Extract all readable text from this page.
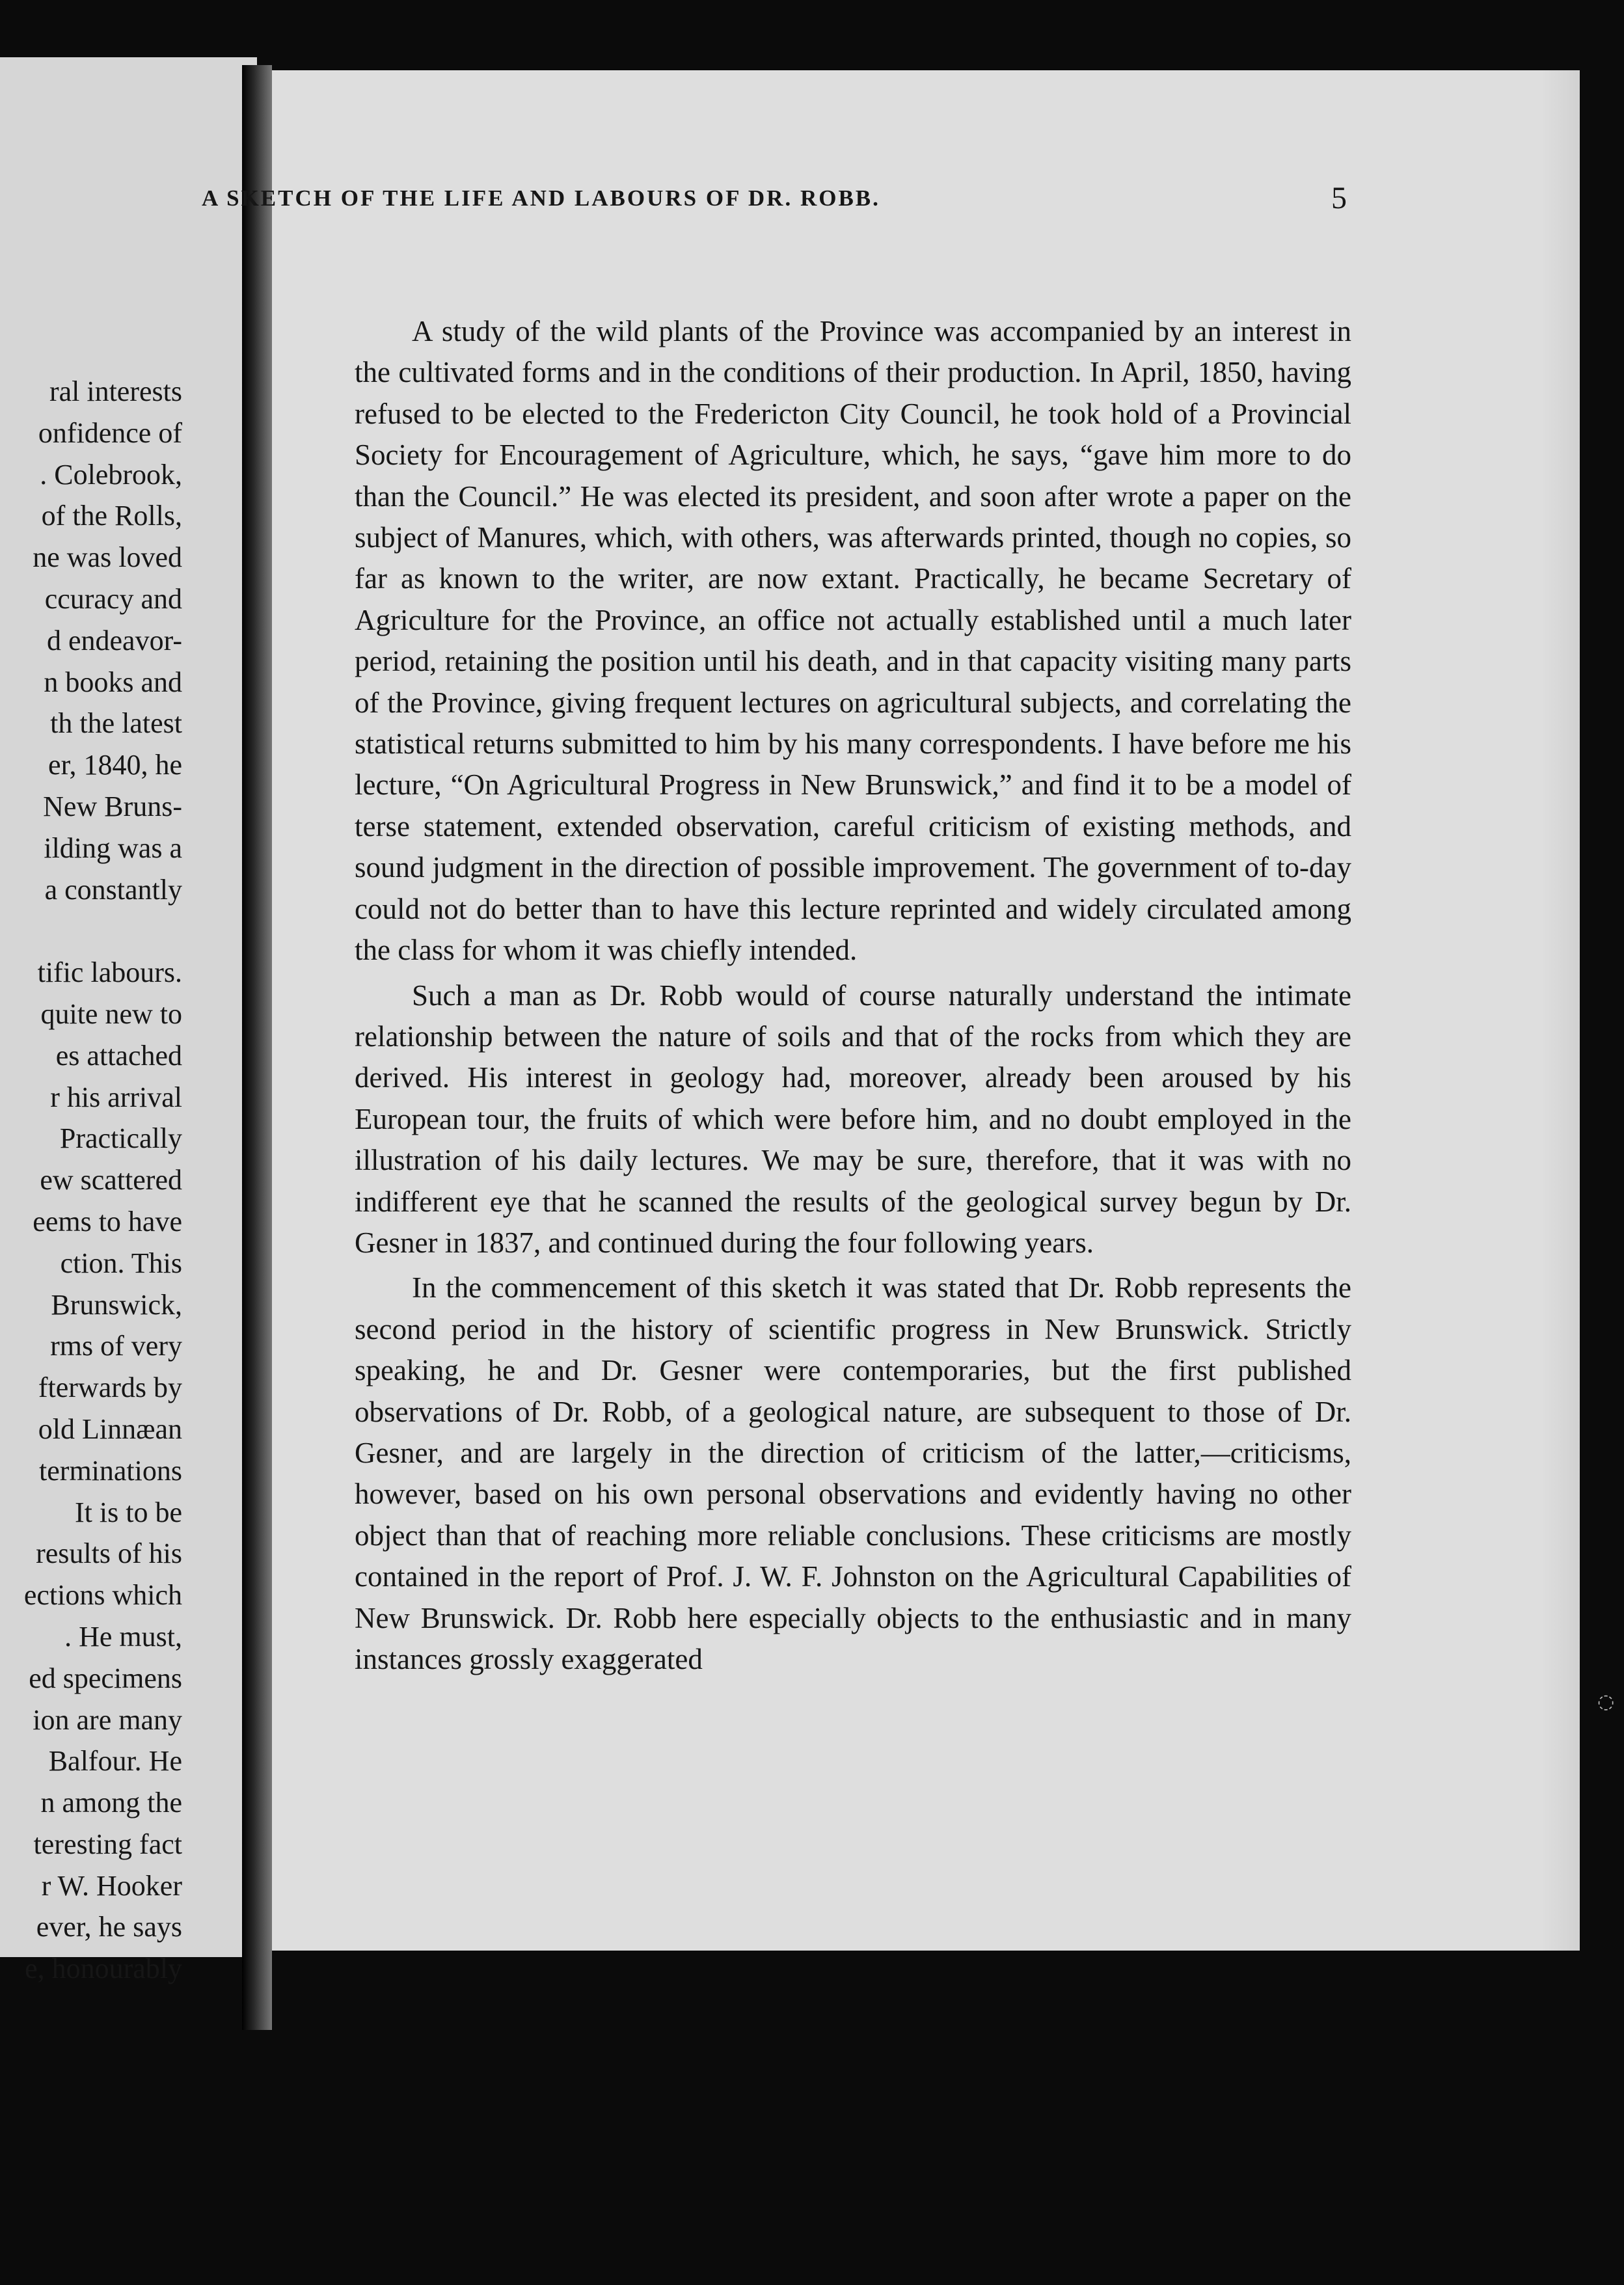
ral interests
onfidence of
. Colebrook,
of the Rolls,
ne was loved
ccuracy and
d endeavor-
n books and
th the latest
er, 1840, he
New Bruns-
ilding was a
a constantly
tific labours.
quite new to
es attached
r his arrival
Practically
ew scattered
eems to have
ction. This
Brunswick,
rms of very
fterwards by
old Linnæan
terminations
It is to be
results of his
ections which
. He must,
ed specimens
ion are many
Balfour. He
n among the
teresting fact
r W. Hooker
ever, he says
e, honourably
A SKETCH OF THE LIFE AND LABOURS OF DR. ROBB.	5

A study of the wild plants of the Province was accompanied by an interest in the cultivated forms and in the conditions of their production. In April, 1850, having refused to be elected to the Fredericton City Council, he took hold of a Provincial Society for Encouragement of Agriculture, which, he says, “gave him more to do than the Council.” He was elected its president, and soon after wrote a paper on the subject of Manures, which, with others, was afterwards printed, though no copies, so far as known to the writer, are now extant. Practically, he became Secretary of Agriculture for the Province, an office not actually established until a much later period, retaining the position until his death, and in that capacity visiting many parts of the Province, giving frequent lectures on agricultural subjects, and correlating the statistical returns submitted to him by his many correspondents. I have before me his lecture, “On Agricultural Progress in New Brunswick,” and find it to be a model of terse statement, extended observation, careful criticism of existing methods, and sound judgment in the direction of possible improvement. The government of to-day could not do better than to have this lecture reprinted and widely circulated among the class for whom it was chiefly intended.

Such a man as Dr. Robb would of course naturally understand the intimate relationship between the nature of soils and that of the rocks from which they are derived. His interest in geology had, moreover, already been aroused by his European tour, the fruits of which were before him, and no doubt employed in the illustration of his daily lectures. We may be sure, therefore, that it was with no indifferent eye that he scanned the results of the geological survey begun by Dr. Gesner in 1837, and continued during the four following years.

In the commencement of this sketch it was stated that Dr. Robb represents the second period in the history of scientific progress in New Brunswick. Strictly speaking, he and Dr. Gesner were contemporaries, but the first published observations of Dr. Robb, of a geological nature, are subsequent to those of Dr. Gesner, and are largely in the direction of criticism of the latter,—criticisms, however, based on his own personal observations and evidently having no other object than that of reaching more reliable conclusions. These criticisms are mostly contained in the report of Prof. J. W. F. Johnston on the Agricultural Capabilities of New Brunswick. Dr. Robb here especially objects to the enthusiastic and in many instances grossly exaggerated

◌
